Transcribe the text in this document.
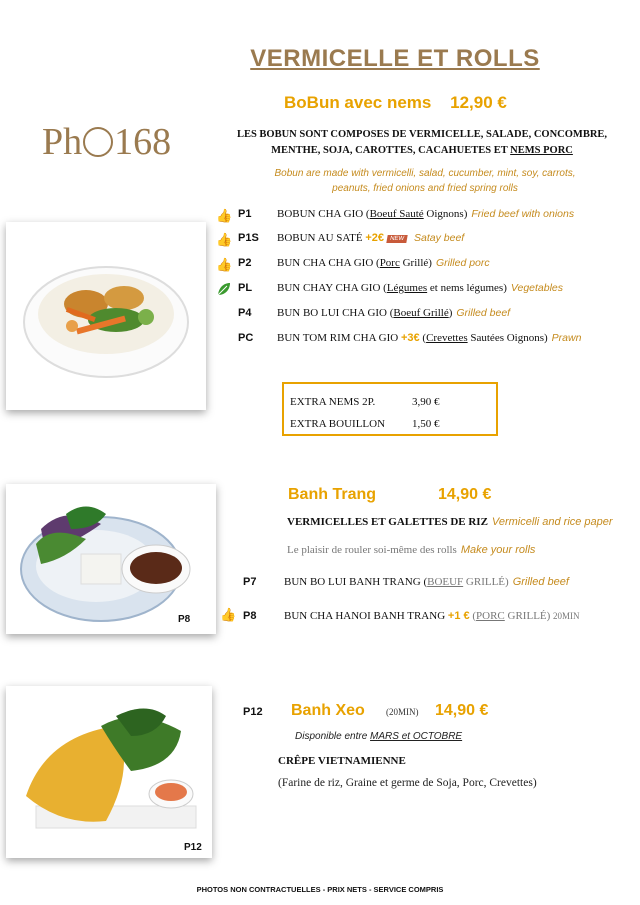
VERMICELLE ET ROLLS
Ph 168
BoBun avec nems 12,90 €
LES BOBUN SONT COMPOSES DE VERMICELLE, SALADE, CONCOMBRE,
MENTHE, SOJA, CAROTTES, CACAHUETES ET NEMS PORC
Bobun are made with vermicelli, salad, cucumber, mint, soy, carrots,
peanuts, fried onions and fried spring rolls
👍 P1 BOBUN CHA GIO (Boeuf Sauté Oignons) Fried beef with onions
👍 P1S BOBUN AU SATÉ +2€ NEW Satay beef
👍 P2 BUN CHA CHA GIO (Porc Grillé) Grilled porc
PL BUN CHAY CHA GIO (Légumes et nems légumes) Vegetables
P4 BUN BO LUI CHA GIO (Boeuf Grillé) Grilled beef
PC BUN TOM RIM CHA GIO +3€ (Crevettes Sautées Oignons) Prawn
EXTRA NEMS 2P.	3,90 €
EXTRA BOUILLON 1,50 €
P8
Banh Trang	14,90 €
VERMICELLES ET GALETTES DE RIZ Vermicelli and rice paper
Le plaisir de rouler soi-même des rolls Make your rolls
P7	BUN BO LUI BANH TRANG (BOEUF GRILLÉ) Grilled beef
👍 P8	BUN CHA HANOI BANH TRANG +1 € (PORC GRILLÉ) 20MIN
P12
P12 Banh Xeo (20MIN) 14,90 €
Disponible entre MARS et OCTOBRE
CRÊPE VIETNAMIENNE
(Farine de riz, Graine et germe de Soja, Porc, Crevettes)
PHOTOS NON CONTRACTUELLES - PRIX NETS - SERVICE COMPRIS
